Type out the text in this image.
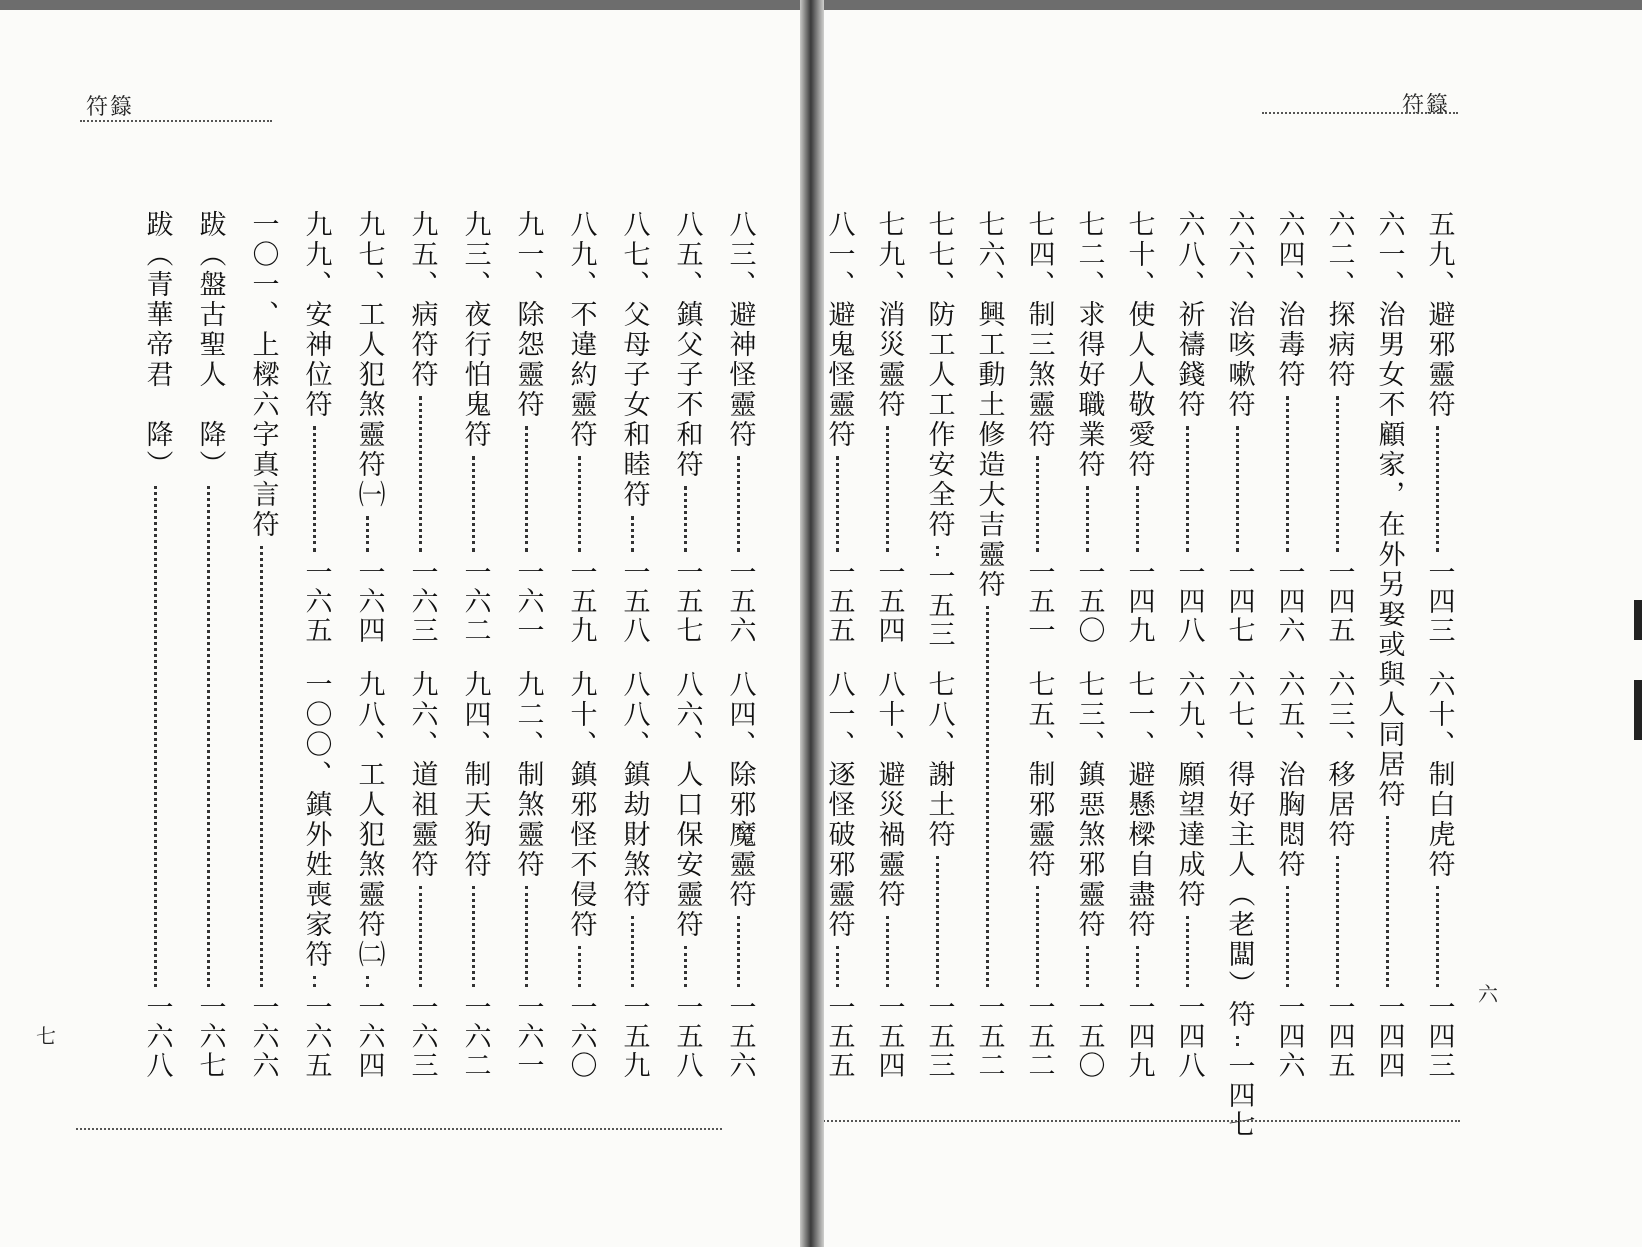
符籙
八三、避神怪靈符
一五六
八四、除邪魔靈符
一五六
八五、鎮父子不和符
一五七
八六、人口保安靈符
一五八
八七、父母子女和睦符
一五八
八八、鎮劫財煞符
一五九
八九、不違約靈符
一五九
九十、鎮邪怪不侵符
一六〇
九一、除怨靈符
一六一
九二、制煞靈符
一六一
九三、夜行怕鬼符
一六二
九四、制天狗符
一六二
九五、病符符
一六三
九六、道祖靈符
一六三
九七、工人犯煞靈符㈠
一六四
九八、工人犯煞靈符㈡
一六四
九九、安神位符
一六五
一〇〇、鎮外姓喪家符
一六五
一〇一、上樑六字真言符
一六六
跋（盤古聖人　降）
一六七
跋（青華帝君　降）
一六八
七
符籙
五九、避邪靈符
一四三
六十、制白虎符
一四三
六一、治男女不顧家，在外另娶或與人同居符
一四四
六二、探病符
一四五
六三、移居符
一四五
六四、治毒符
一四六
六五、治胸悶符
一四六
六六、治咳嗽符
一四七
六七、得好主人（老闆）符
一四七
六八、祈禱錢符
一四八
六九、願望達成符
一四八
七十、使人人敬愛符
一四九
七一、避懸樑自盡符
一四九
七二、求得好職業符
一五〇
七三、鎮惡煞邪靈符
一五〇
七四、制三煞靈符
一五一
七五、制邪靈符
一五二
七六、興工動土修造大吉靈符
一五二
七七、防工人工作安全符
一五三
七八、謝土符
一五三
七九、消災靈符
一五四
八十、避災禍靈符
一五四
八一、避鬼怪靈符
一五五
八一、逐怪破邪靈符
一五五	六
